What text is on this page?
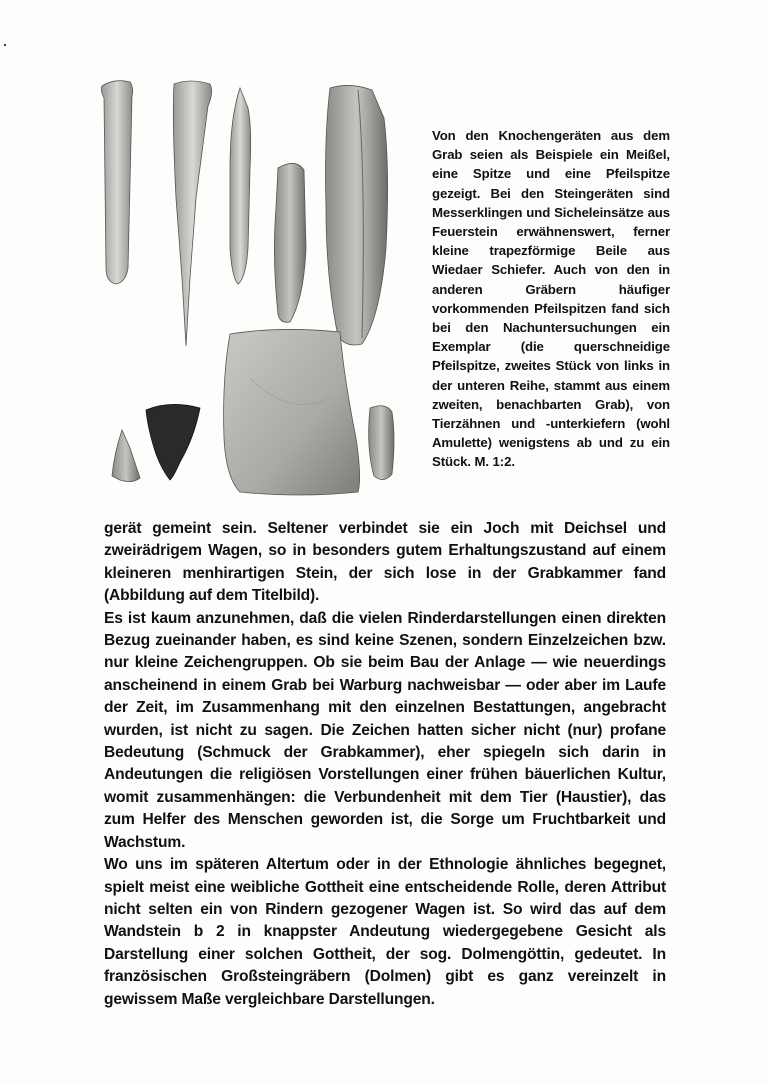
Von den Knochengeräten aus dem Grab seien als Beispiele ein Meißel, eine Spitze und eine Pfeilspitze gezeigt. Bei den Steingeräten sind Messerklingen und Sicheleinsätze aus Feuerstein erwähnenswert, ferner kleine trapezförmige Beile aus Wiedaer Schiefer. Auch von den in anderen Gräbern häufiger vorkommenden Pfeilspitzen fand sich bei den Nachuntersuchungen ein Exemplar (die querschneidige Pfeilspitze, zweites Stück von links in der unteren Reihe, stammt aus einem zweiten, benachbarten Grab), von Tierzähnen und -unterkiefern (wohl Amulette) wenigstens ab und zu ein Stück. M. 1:2.

gerät gemeint sein. Seltener verbindet sie ein Joch mit Deichsel und zweirädrigem Wagen, so in besonders gutem Erhaltungszustand auf einem kleineren menhirartigen Stein, der sich lose in der Grabkammer fand (Abbildung auf dem Titelbild).

Es ist kaum anzunehmen, daß die vielen Rinderdarstellungen einen direkten Bezug zueinander haben, es sind keine Szenen, sondern Einzelzeichen bzw. nur kleine Zeichengruppen. Ob sie beim Bau der Anlage — wie neuerdings anscheinend in einem Grab bei Warburg nachweisbar — oder aber im Laufe der Zeit, im Zusammenhang mit den einzelnen Bestattungen, angebracht wurden, ist nicht zu sagen. Die Zeichen hatten sicher nicht (nur) profane Bedeutung (Schmuck der Grabkammer), eher spiegeln sich darin in Andeutungen die religiösen Vorstellungen einer frühen bäuerlichen Kultur, womit zusammenhängen: die Verbundenheit mit dem Tier (Haustier), das zum Helfer des Menschen geworden ist, die Sorge um Fruchtbarkeit und Wachstum.

Wo uns im späteren Altertum oder in der Ethnologie ähnliches begegnet, spielt meist eine weibliche Gottheit eine entscheidende Rolle, deren Attribut nicht selten ein von Rindern gezogener Wagen ist. So wird das auf dem Wandstein b 2 in knappster Andeutung wiedergegebene Gesicht als Darstellung einer solchen Gottheit, der sog. Dolmengöttin, gedeutet. In französischen Großsteingräbern (Dolmen) gibt es ganz vereinzelt in gewissem Maße vergleichbare Darstellungen.
